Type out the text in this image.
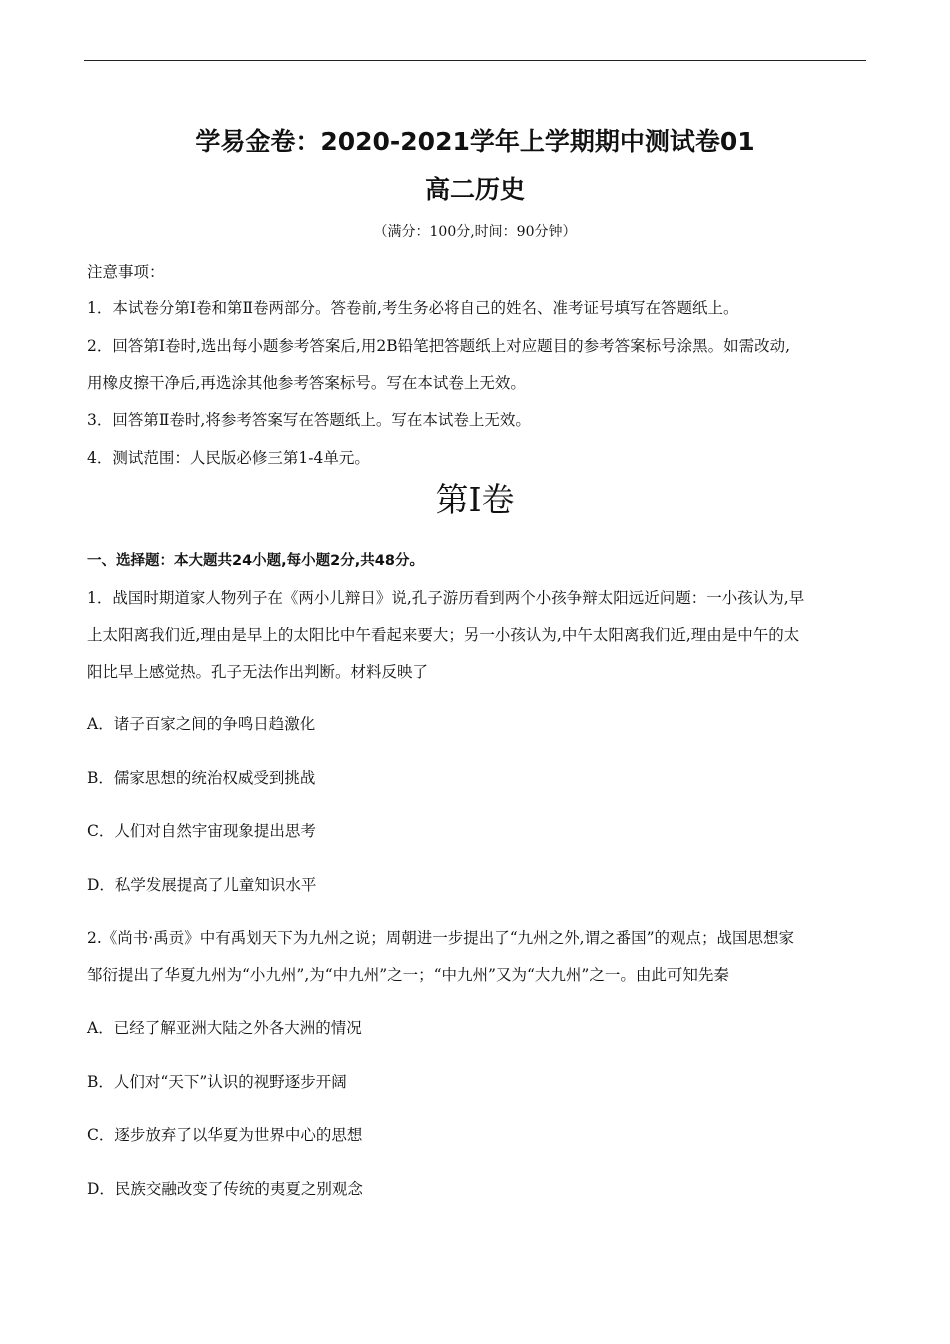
学易金卷：2020-2021学年上学期期中测试卷01
高二历史
（满分：100分,时间：90分钟）
注意事项：
1．本试卷分第Ⅰ卷和第Ⅱ卷两部分。答卷前,考生务必将自己的姓名、准考证号填写在答题纸上。
2．回答第Ⅰ卷时,选出每小题参考答案后,用2B铅笔把答题纸上对应题目的参考答案标号涂黑。如需改动,
用橡皮擦干净后,再选涂其他参考答案标号。写在本试卷上无效。
3．回答第Ⅱ卷时,将参考答案写在答题纸上。写在本试卷上无效。
4．测试范围：人民版必修三第1-4单元。
第Ⅰ卷
一、选择题：本大题共24小题,每小题2分,共48分。
1．战国时期道家人物列子在《两小儿辩日》说,孔子游历看到两个小孩争辩太阳远近问题：一小孩认为,早
上太阳离我们近,理由是早上的太阳比中午看起来要大；另一小孩认为,中午太阳离我们近,理由是中午的太
阳比早上感觉热。孔子无法作出判断。材料反映了
A．诸子百家之间的争鸣日趋激化
B．儒家思想的统治权威受到挑战
C．人们对自然宇宙现象提出思考
D．私学发展提高了儿童知识水平
2.《尚书·禹贡》中有禹划天下为九州之说；周朝进一步提出了“九州之外,谓之番国”的观点；战国思想家
邹衍提出了华夏九州为“小九州”,为“中九州”之一；“中九州”又为“大九州”之一。由此可知先秦
A．已经了解亚洲大陆之外各大洲的情况
B．人们对“天下”认识的视野逐步开阔
C．逐步放弃了以华夏为世界中心的思想
D．民族交融改变了传统的夷夏之别观念
